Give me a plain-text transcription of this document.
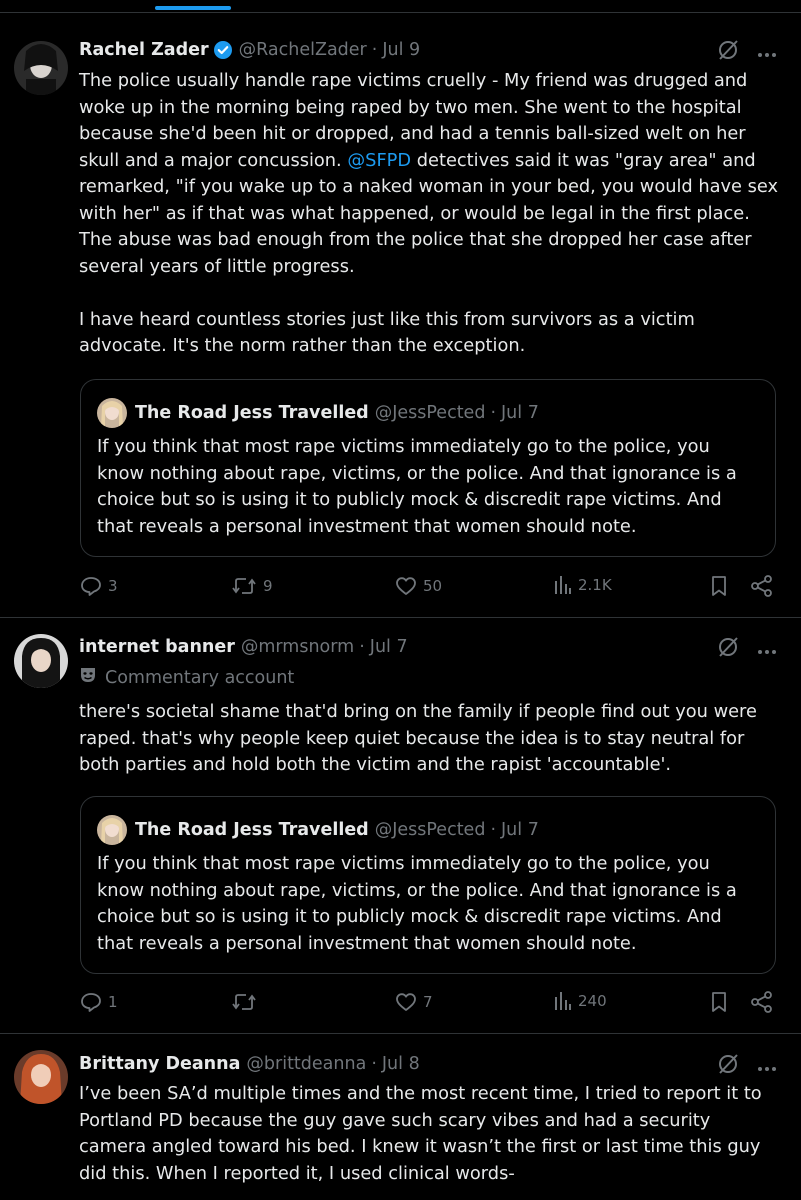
Rachel Zader @RachelZader · Jul 9
The police usually handle rape victims cruelly - My friend was drugged and woke up in the morning being raped by two men. She went to the hospital because she'd been hit or dropped, and had a tennis ball-sized welt on her skull and a major concussion. @SFPD detectives said it was "gray area" and remarked, "if you wake up to a naked woman in your bed, you would have sex with her" as if that was what happened, or would be legal in the first place. The abuse was bad enough from the police that she dropped her case after several years of little progress.

I have heard countless stories just like this from survivors as a victim advocate. It's the norm rather than the exception.
The Road Jess Travelled @JessPected · Jul 7
If you think that most rape victims immediately go to the police, you know nothing about rape, victims, or the police. And that ignorance is a choice but so is using it to publicly mock & discredit rape victims. And that reveals a personal investment that women should note.
3	9	50	2.1K
internet banner @mrmsnorm · Jul 7
Commentary account
there's societal shame that'd bring on the family if people find out you were raped. that's why people keep quiet because the idea is to stay neutral for both parties and hold both the victim and the rapist 'accountable'.
The Road Jess Travelled @JessPected · Jul 7
If you think that most rape victims immediately go to the police, you know nothing about rape, victims, or the police. And that ignorance is a choice but so is using it to publicly mock & discredit rape victims. And that reveals a personal investment that women should note.
1	7	240
Brittany Deanna @brittdeanna · Jul 8
I’ve been SA’d multiple times and the most recent time, I tried to report it to Portland PD because the guy gave such scary vibes and had a security camera angled toward his bed. I knew it wasn’t the first or last time this guy did this. When I reported it, I used clinical words-
